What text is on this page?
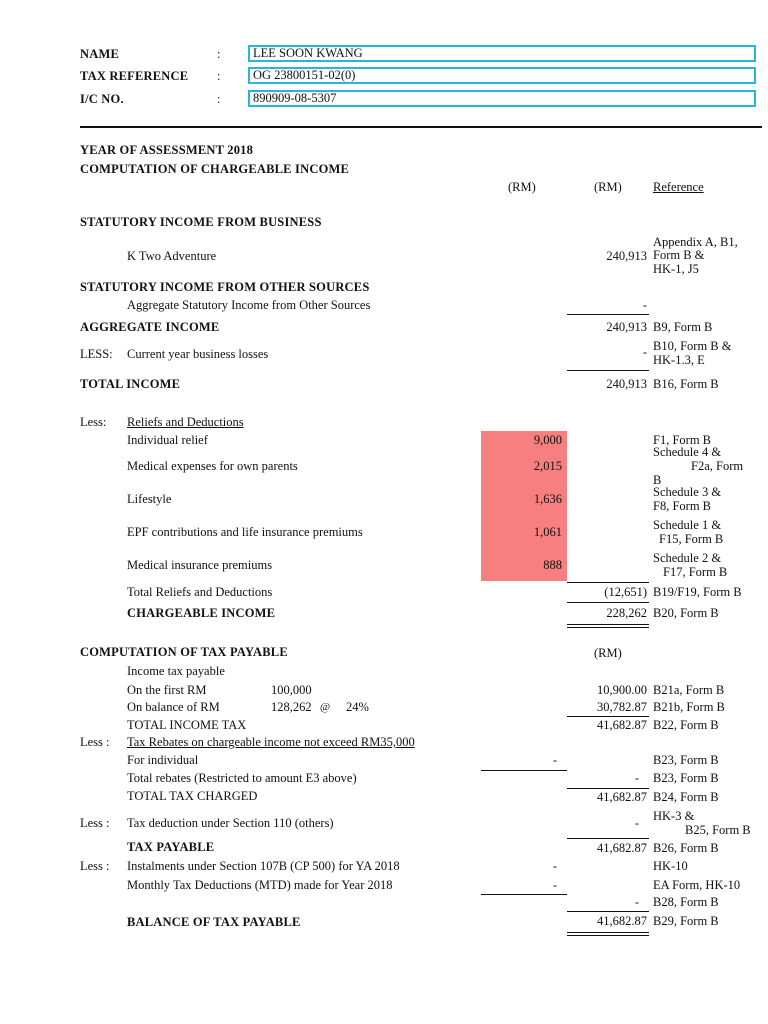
NAME	:	LEE SOON KWANG
TAX REFERENCE :	OG 23800151-02(0)
I/C NO.	:	890909-08-5307
YEAR OF ASSESSMENT 2018
COMPUTATION OF CHARGEABLE INCOME
(RM)	(RM) Reference
STATUTORY INCOME FROM BUSINESS
K Two Adventure	240,913
Appendix A, B1,
Form B &
HK-1, J5
STATUTORY INCOME FROM OTHER SOURCES
Aggregate Statutory Income from Other Sources	-
AGGREGATE INCOME	240,913 B9, Form B
LESS: Current year business losses	- B10, Form B &
HK-1.3, E
TOTAL INCOME	240,913 B16, Form B
Less: Reliefs and Deductions
Individual relief	9,000	F1, Form B
Medical expenses for own parents	2,015
Schedule 4 &
F2a, Form
B
Lifestyle	1,636	Schedule 3 &
F8, Form B
EPF contributions and life insurance premiums	1,061	Schedule 1 &
F15, Form B
Medical insurance premiums	888	Schedule 2 &
F17, Form B
Total Reliefs and Deductions	(12,651) B19/F19, Form B
CHARGEABLE INCOME	228,262 B20, Form B
COMPUTATION OF TAX PAYABLE	(RM)
Income tax payable
On the first RM	100,000	10,900.00 B21a, Form B
On balance of RM	128,262 @ 24%	30,782.87 B21b, Form B
TOTAL INCOME TAX	41,682.87 B22, Form B
Less : Tax Rebates on chargeable income not exceed RM35,000
For individual	-	B23, Form B
Total rebates (Restricted to amount E3 above)	- B23, Form B
TOTAL TAX CHARGED	41,682.87 B24, Form B
Less : Tax deduction under Section 110 (others)	- HK-3 &
B25, Form B
TAX PAYABLE	41,682.87 B26, Form B
Less : Instalments under Section 107B (CP 500) for YA 2018	-	HK-10
Monthly Tax Deductions (MTD) made for Year 2018	-	EA Form, HK-10
- B28, Form B
BALANCE OF TAX PAYABLE	41,682.87 B29, Form B
